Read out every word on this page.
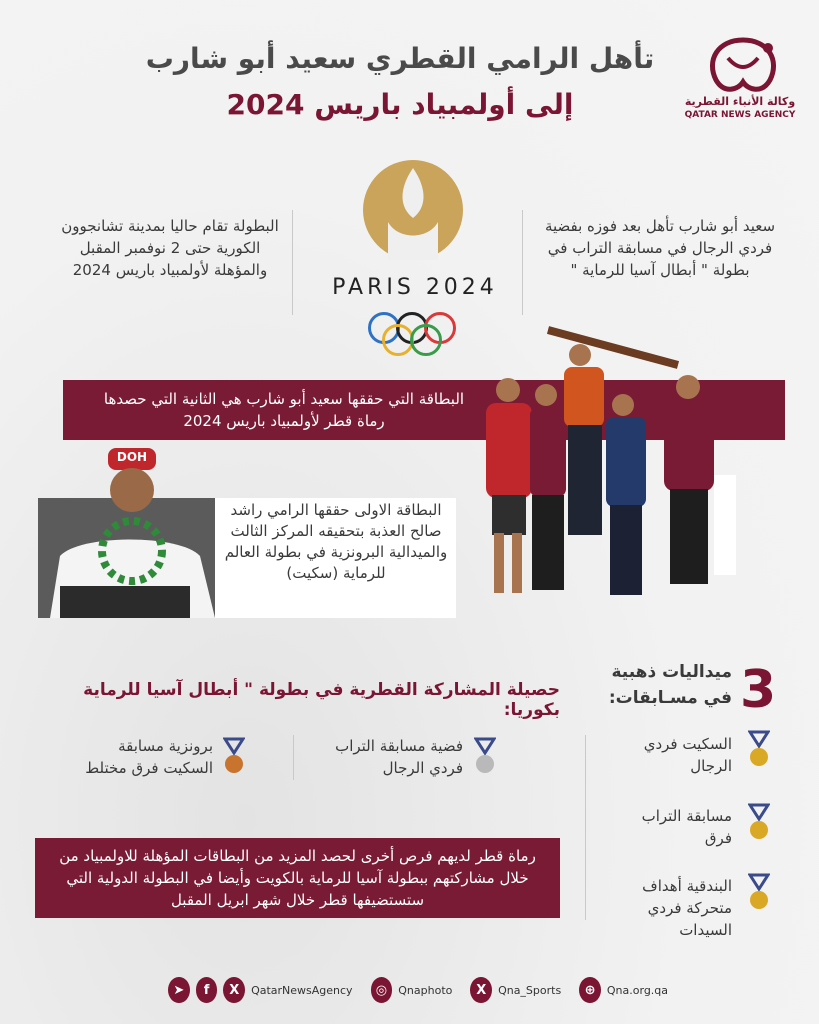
تأهل الرامي القطري سعيد أبو شارب
إلى أولمبياد باريس 2024	وكالة الأنباء القطرية
QATAR NEWS AGENCY
البطولة تقام حاليا بمدينة تشانجوون الكورية حتى 2 نوفمبر المقبل والمؤهلة لأولمبياد باريس 2024
PARIS 2024
سعيد أبو شارب تأهل بعد فوزه بفضية فردي الرجال في مسابقة التراب في بطولة " أبطال آسيا للرماية "
البطاقة التي حققها سعيد أبو شارب هي الثانية التي حصدها رماة قطر لأولمبياد باريس 2024
البطاقة الاولى حققها الرامي راشد صالح العذبة بتحقيقه المركز الثالث والميدالية البرونزية في بطولة العالم للرماية (سكيت)
DOH
حصيلة المشاركة القطرية في بطولة " أبطال آسيا للرماية بكوريا:	3
ميداليات ذهبية
في مسـابقات:
السكيت فردي
الرجال
مسابقة التراب
فرق
البندقية أهداف
متحركة فردي السيدات
فضية مسابقة التراب
فردي الرجال
برونزية مسابقة
السكيت فرق مختلط
رماة قطر لديهم فرص أخرى لحصد المزيد من البطاقات المؤهلة للاولمبياد من خلال مشاركتهم ببطولة آسيا للرماية بالكويت وأيضا في البطولة الدولية التي ستستضيفها قطر خلال شهر ابريل المقبل
➤	f	X	QatarNewsAgency	◎	Qnaphoto	X	Qna_Sports	⊕	Qna.org.qa
